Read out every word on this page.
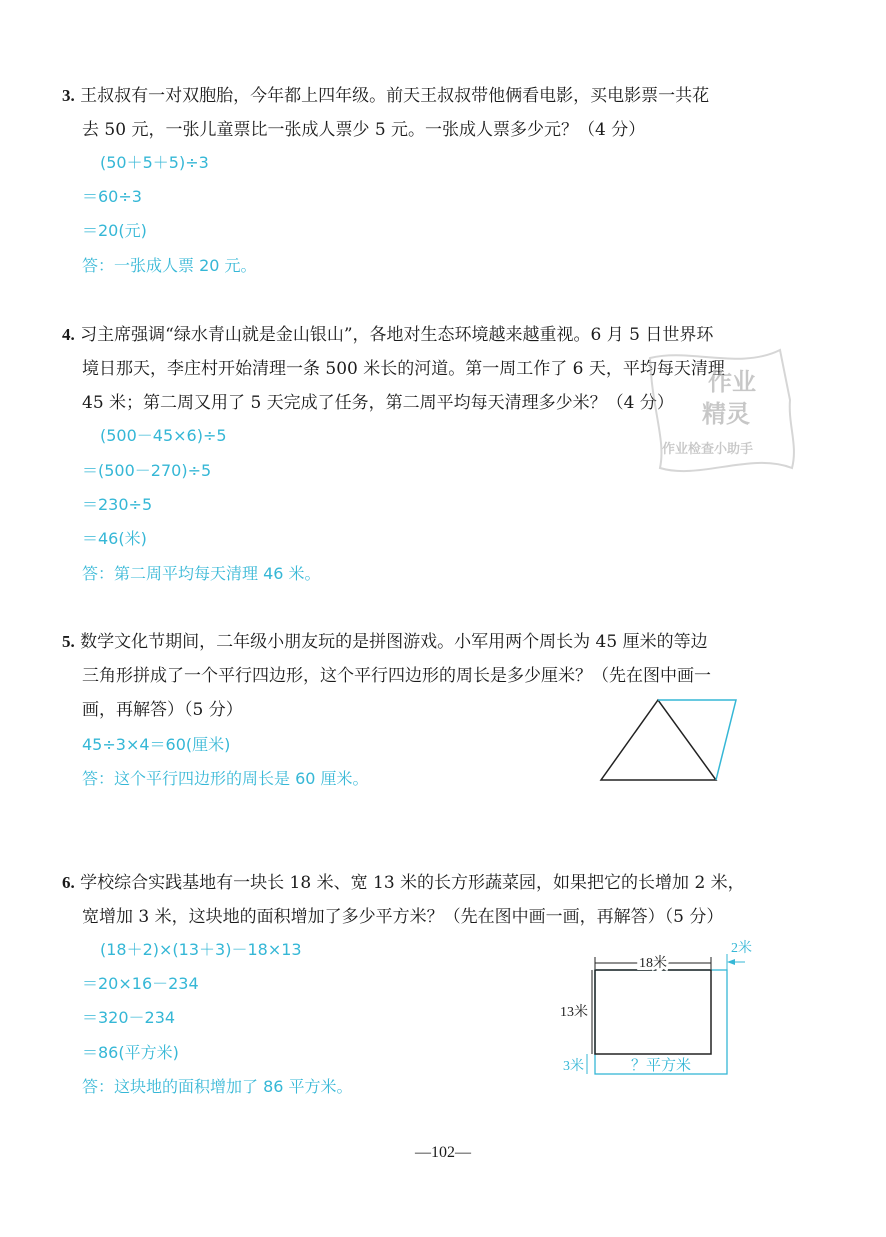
3. 王叔叔有一对双胞胎，今年都上四年级。前天王叔叔带他俩看电影，买电影票一共花
去 50 元，一张儿童票比一张成人票少 5 元。一张成人票多少元？（4 分）
(50＋5＋5)÷3
＝60÷3
＝20(元)
答：一张成人票 20 元。
4. 习主席强调“绿水青山就是金山银山”，各地对生态环境越来越重视。6 月 5 日世界环
境日那天，李庄村开始清理一条 500 米长的河道。第一周工作了 6 天，平均每天清理
45 米；第二周又用了 5 天完成了任务，第二周平均每天清理多少米？（4 分）
(500－45×6)÷5
＝(500－270)÷5
＝230÷5
＝46(米)
答：第二周平均每天清理 46 米。
作业
精灵
作业检查小助手
5. 数学文化节期间，二年级小朋友玩的是拼图游戏。小军用两个周长为 45 厘米的等边
三角形拼成了一个平行四边形，这个平行四边形的周长是多少厘米？（先在图中画一
画，再解答）（5 分）
45÷3×4＝60(厘米)
答：这个平行四边形的周长是 60 厘米。
6. 学校综合实践基地有一块长 18 米、宽 13 米的长方形蔬菜园，如果把它的长增加 2 米，
宽增加 3 米，这块地的面积增加了多少平方米？（先在图中画一画，再解答）（5 分）
(18＋2)×(13＋3)－18×13
＝20×16－234
＝320－234
＝86(平方米)
答：这块地的面积增加了 86 平方米。
18米
2米
13米
3米	？平方米
—102—
